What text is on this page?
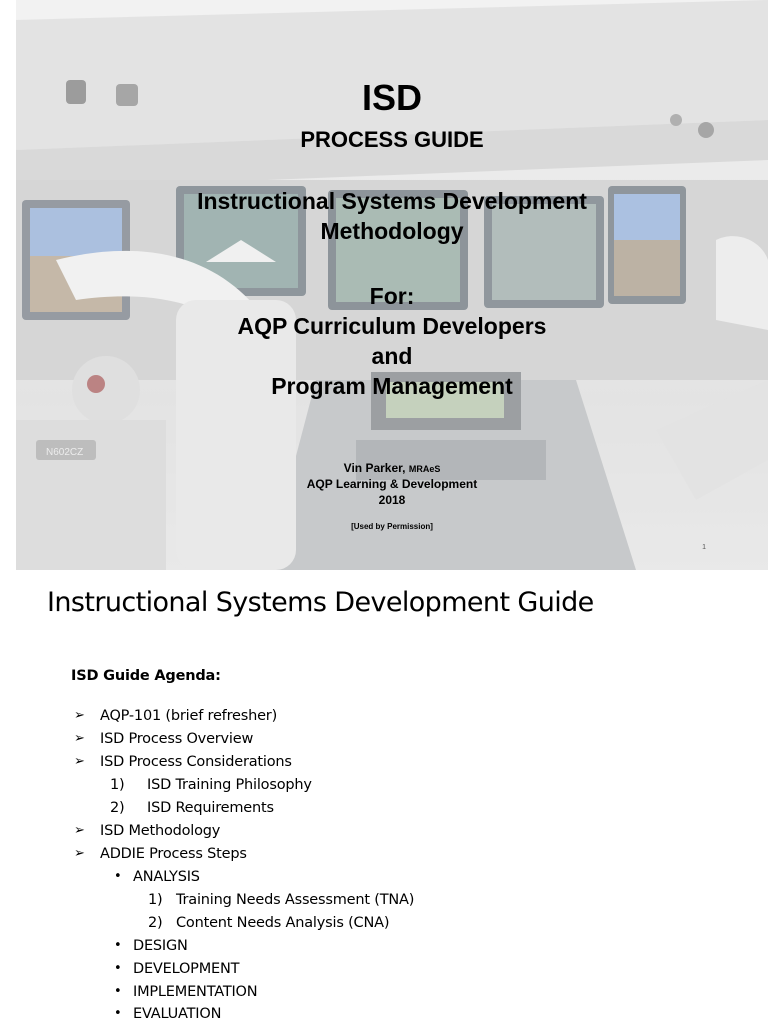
N602CZ
ISD
PROCESS GUIDE
Instructional Systems Development
Methodology
For:
AQP Curriculum Developers
and
Program Management
Vin Parker, MRAeS
AQP Learning & Development
2018
[Used by Permission]
1
Instructional Systems Development Guide
ISD Guide Agenda:
➢ AQP-101 (brief refresher)
➢ ISD Process Overview
➢ ISD Process Considerations
1) ISD Training Philosophy
2) ISD Requirements
➢ ISD Methodology
➢ ADDIE Process Steps
• ANALYSIS
1) Training Needs Assessment (TNA)
2) Content Needs Analysis (CNA)
• DESIGN
• DEVELOPMENT
• IMPLEMENTATION
• EVALUATION
